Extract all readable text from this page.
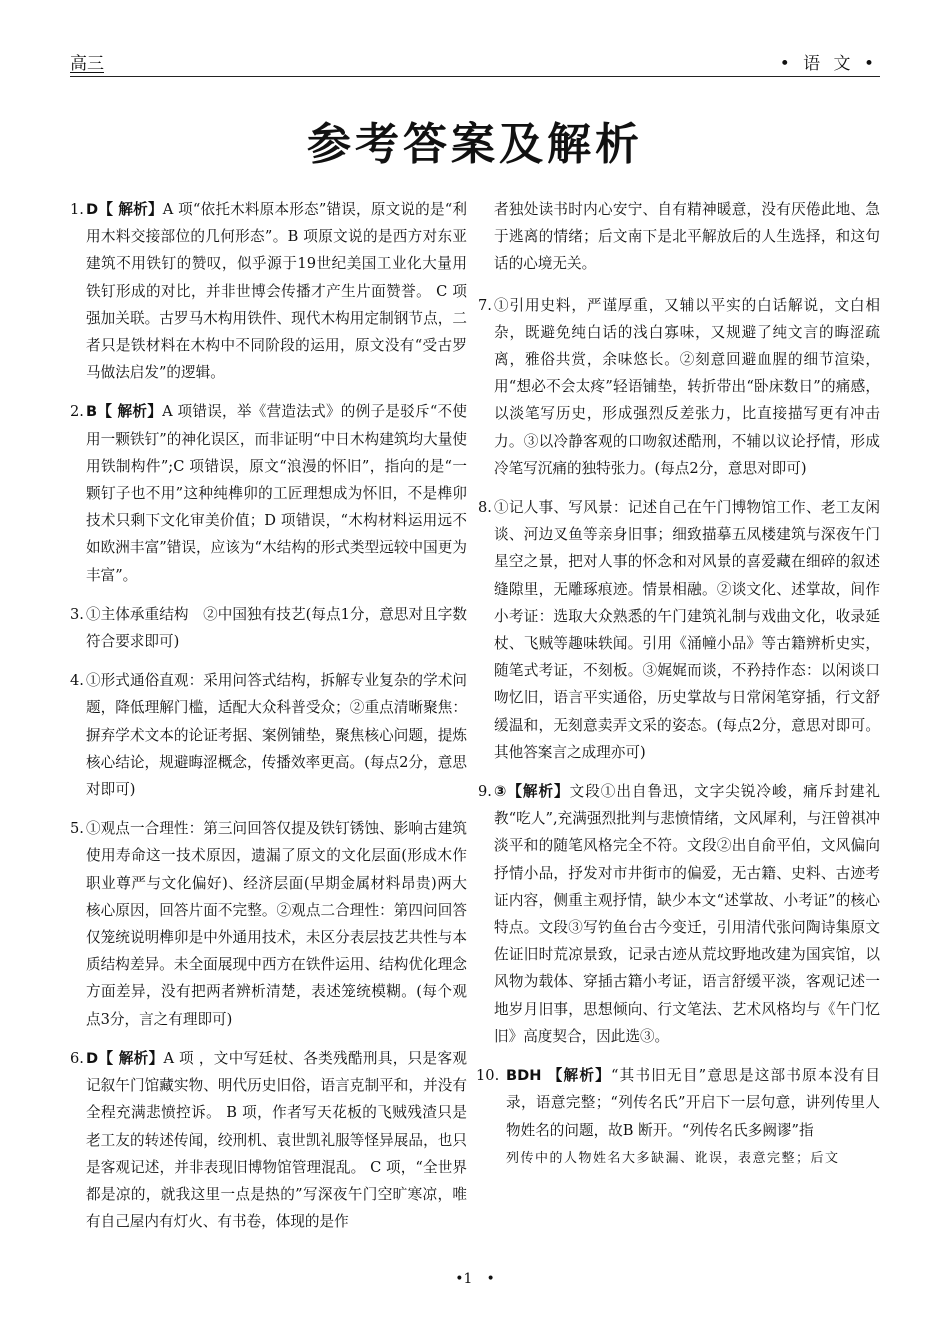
高三	• 语 文 •
参考答案及解析
1. D【 解析】A 项“依托木料原本形态”错误，原文说的是“利用木料交接部位的几何形态”。B 项原文说的是西方对东亚建筑不用铁钉的赞叹，似乎源于19世纪美国工业化大量用铁钉形成的对比，并非世博会传播才产生片面赞誉。 C 项强加关联。古罗马木构用铁件、现代木构用定制钢节点，二者只是铁材料在木构中不同阶段的运用，原文没有“受古罗马做法启发”的逻辑。
2. B【 解析】A 项错误，举《营造法式》的例子是驳斥“不使用一颗铁钉”的神化误区，而非证明“中日木构建筑均大量使用铁制构件”;C 项错误，原文“浪漫的怀旧”，指向的是“一颗钉子也不用”这种纯榫卯的工匠理想成为怀旧，不是榫卯技术只剩下文化审美价值；D 项错误，“木构材料运用远不如欧洲丰富”错误，应该为“木结构的形式类型远较中国更为丰富”。
3. ①主体承重结构　②中国独有技艺(每点1分，意思对且字数符合要求即可)
4. ①形式通俗直观：采用问答式结构，拆解专业复杂的学术问题，降低理解门槛，适配大众科普受众；②重点清晰聚焦：摒弃学术文本的论证考据、案例铺垫，聚焦核心问题，提炼核心结论，规避晦涩概念，传播效率更高。(每点2分，意思对即可)
5. ①观点一合理性：第三问回答仅提及铁钉锈蚀、影响古建筑使用寿命这一技术原因，遗漏了原文的文化层面(形成木作职业尊严与文化偏好)、经济层面(早期金属材料昂贵)两大核心原因，回答片面不完整。②观点二合理性：第四问回答仅笼统说明榫卯是中外通用技术，未区分表层技艺共性与本质结构差异。未全面展现中西方在铁件运用、结构优化理念方面差异，没有把两者辨析清楚，表述笼统模糊。(每个观点3分，言之有理即可)
6. D【 解析】A 项 ，文中写廷杖、各类残酷刑具，只是客观记叙午门馆藏实物、明代历史旧俗，语言克制平和，并没有全程充满悲愤控诉。 B 项，作者写天花板的飞贼残渣只是老工友的转述传闻，绞刑机、袁世凯礼服等怪异展品，也只是客观记述，并非表现旧博物馆管理混乱。 C 项，“全世界都是凉的，就我这里一点是热的”写深夜午门空旷寒凉，唯有自己屋内有灯火、有书卷，体现的是作
者独处读书时内心安宁、自有精神暖意，没有厌倦此地、急于逃离的情绪；后文南下是北平解放后的人生选择，和这句话的心境无关。
7. ①引用史料，严谨厚重，又辅以平实的白话解说，文白相杂，既避免纯白话的浅白寡味，又规避了纯文言的晦涩疏离，雅俗共赏，余味悠长。②刻意回避血腥的细节渲染，用“想必不会太疼”轻语铺垫，转折带出“卧床数日”的痛感，以淡笔写历史，形成强烈反差张力，比直接描写更有冲击力。③以冷静客观的口吻叙述酷刑，不辅以议论抒情，形成冷笔写沉痛的独特张力。(每点2分，意思对即可)
8. ①记人事、写风景：记述自己在午门博物馆工作、老工友闲谈、河边叉鱼等亲身旧事；细致描摹五凤楼建筑与深夜午门星空之景，把对人事的怀念和对风景的喜爱藏在细碎的叙述缝隙里，无雕琢痕迹。情景相融。②谈文化、述掌故，间作小考证：选取大众熟悉的午门建筑礼制与戏曲文化，收录延杖、飞贼等趣味轶闻。引用《涌幢小品》等古籍辨析史实，随笔式考证，不刻板。③娓娓而谈，不矜持作态：以闲谈口吻忆旧，语言平实通俗，历史掌故与日常闲笔穿插，行文舒缓温和，无刻意卖弄文采的姿态。(每点2分，意思对即可。其他答案言之成理亦可)
9. ③【解析】文段①出自鲁迅，文字尖锐冷峻，痛斥封建礼教“吃人”,充满强烈批判与悲愤情绪，文风犀利，与汪曾祺冲淡平和的随笔风格完全不符。文段②出自俞平伯，文风偏向抒情小品，抒发对市井街市的偏爱，无古籍、史料、古迹考证内容，侧重主观抒情，缺少本文“述掌故、小考证”的核心特点。文段③写钓鱼台古今变迁，引用清代张问陶诗集原文佐证旧时荒凉景致，记录古迹从荒坟野地改建为国宾馆，以风物为载体、穿插古籍小考证，语言舒缓平淡，客观记述一地岁月旧事，思想倾向、行文笔法、艺术风格均与《午门忆旧》高度契合，因此选③。
10. BDH 【解析】“其书旧无目”意思是这部书原本没有目录，语意完整；“列传名氏”开启下一层句意，讲列传里人物姓名的问题，故B 断开。“列传名氏多阙谬”指
列传中的人物姓名大多缺漏、讹误，表意完整；后文
•1　•
